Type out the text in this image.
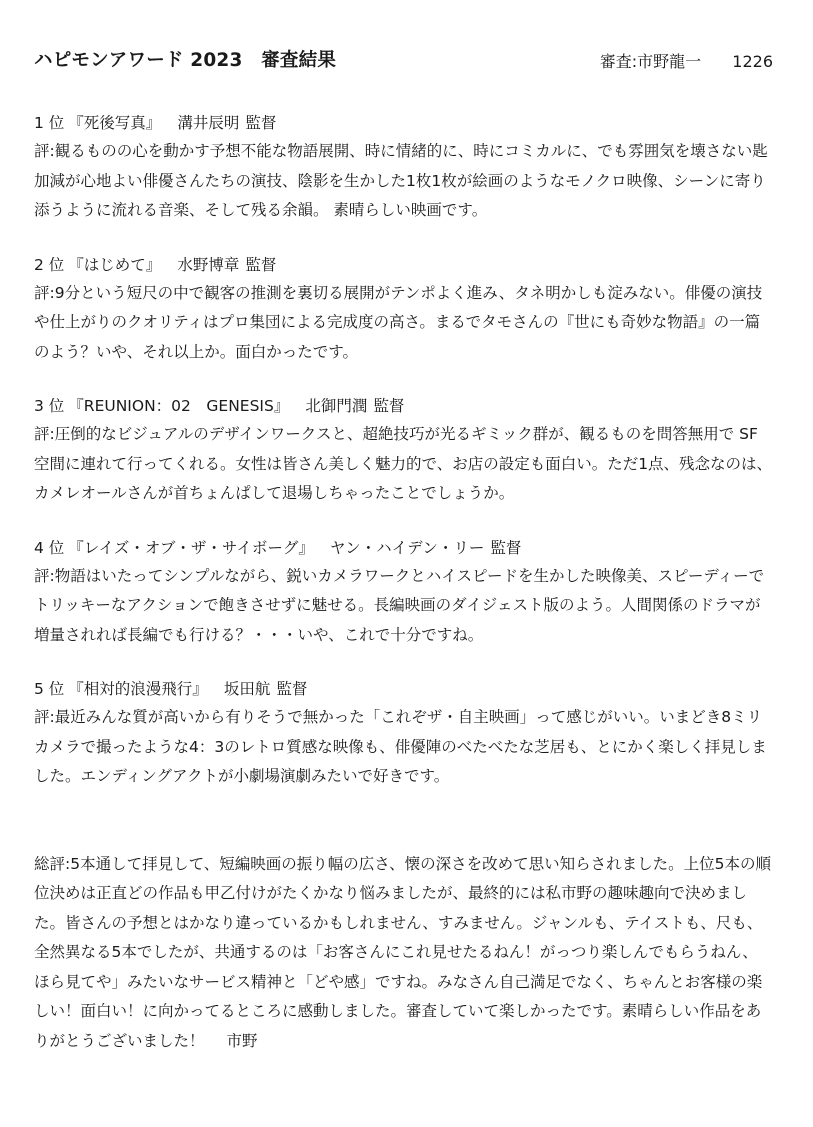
ハピモンアワード 2023　審査結果	審査:市野龍一 1226
1 位 『死後写真』 溝井辰明 監督

評:観るものの心を動かす予想不能な物語展開、時に情緒的に、時にコミカルに、でも雰囲気を壊さない匙加減が心地よい俳優さんたちの演技、陰影を生かした1枚1枚が絵画のようなモノクロ映像、シーンに寄り添うように流れる音楽、そして残る余韻。 素晴らしい映画です。

2 位 『はじめて』 水野博章 監督

評:9分という短尺の中で観客の推測を裏切る展開がテンポよく進み、タネ明かしも淀みない。俳優の演技や仕上がりのクオリティはプロ集団による完成度の高さ。まるでタモさんの『世にも奇妙な物語』の一篇のよう？いや、それ以上か。面白かったです。

3 位 『REUNION：02　GENESIS』 北御門潤 監督

評:圧倒的なビジュアルのデザインワークスと、超絶技巧が光るギミック群が、観るものを問答無用で SF 空間に連れて行ってくれる。女性は皆さん美しく魅力的で、お店の設定も面白い。ただ1点、残念なのは、カメレオールさんが首ちょんぱして退場しちゃったことでしょうか。

4 位 『レイズ・オブ・ザ・サイボーグ』 ヤン・ハイデン・リー 監督

評:物語はいたってシンプルながら、鋭いカメラワークとハイスピードを生かした映像美、スピーディーでトリッキーなアクションで飽きさせずに魅せる。長編映画のダイジェスト版のよう。人間関係のドラマが増量されれば長編でも行ける？・・・いや、これで十分ですね。

5 位 『相対的浪漫飛行』 坂田航 監督

評:最近みんな質が高いから有りそうで無かった「これぞザ・自主映画」って感じがいい。いまどき8ミリカメラで撮ったような4：3のレトロ質感な映像も、俳優陣のべたべたな芝居も、とにかく楽しく拝見しました。エンディングアクトが小劇場演劇みたいで好きです。

総評:5本通して拝見して、短編映画の振り幅の広さ、懐の深さを改めて思い知らされました。上位5本の順位決めは正直どの作品も甲乙付けがたくかなり悩みましたが、最終的には私市野の趣味趣向で決めました。皆さんの予想とはかなり違っているかもしれません、すみません。ジャンルも、テイストも、尺も、全然異なる5本でしたが、共通するのは「お客さんにこれ見せたるねん！がっつり楽しんでもらうねん、ほら見てや」みたいなサービス精神と「どや感」ですね。みなさん自己満足でなく、ちゃんとお客様の楽しい！面白い！に向かってるところに感動しました。審査していて楽しかったです。素晴らしい作品をありがとうございました！ 市野
